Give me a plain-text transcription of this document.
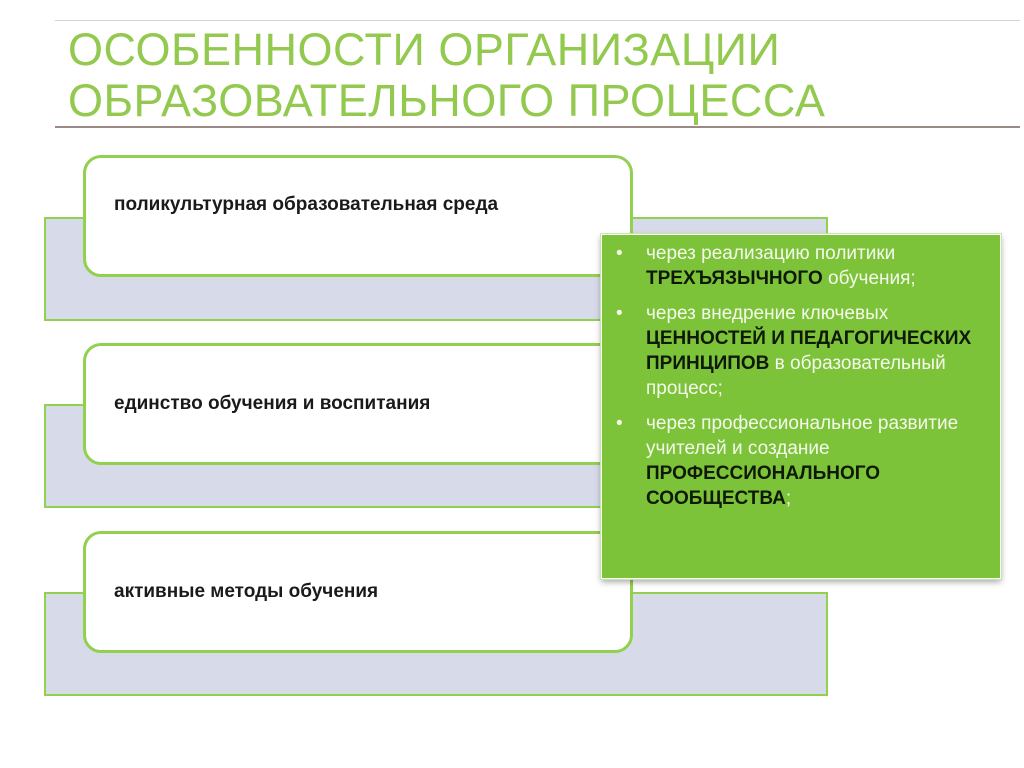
ОСОБЕННОСТИ ОРГАНИЗАЦИИ
ОБРАЗОВАТЕЛЬНОГО ПРОЦЕССА
поликультурная образовательная среда
единство обучения и воспитания
активные методы обучения
• через реализацию политики ТРЕХЪЯЗЫЧНОГО обучения;
• через внедрение ключевых ЦЕННОСТЕЙ И ПЕДАГОГИЧЕСКИХ ПРИНЦИПОВ в образовательный процесс;
• через профессиональное развитие учителей и создание ПРОФЕССИОНАЛЬНОГО СООБЩЕСТВА;
